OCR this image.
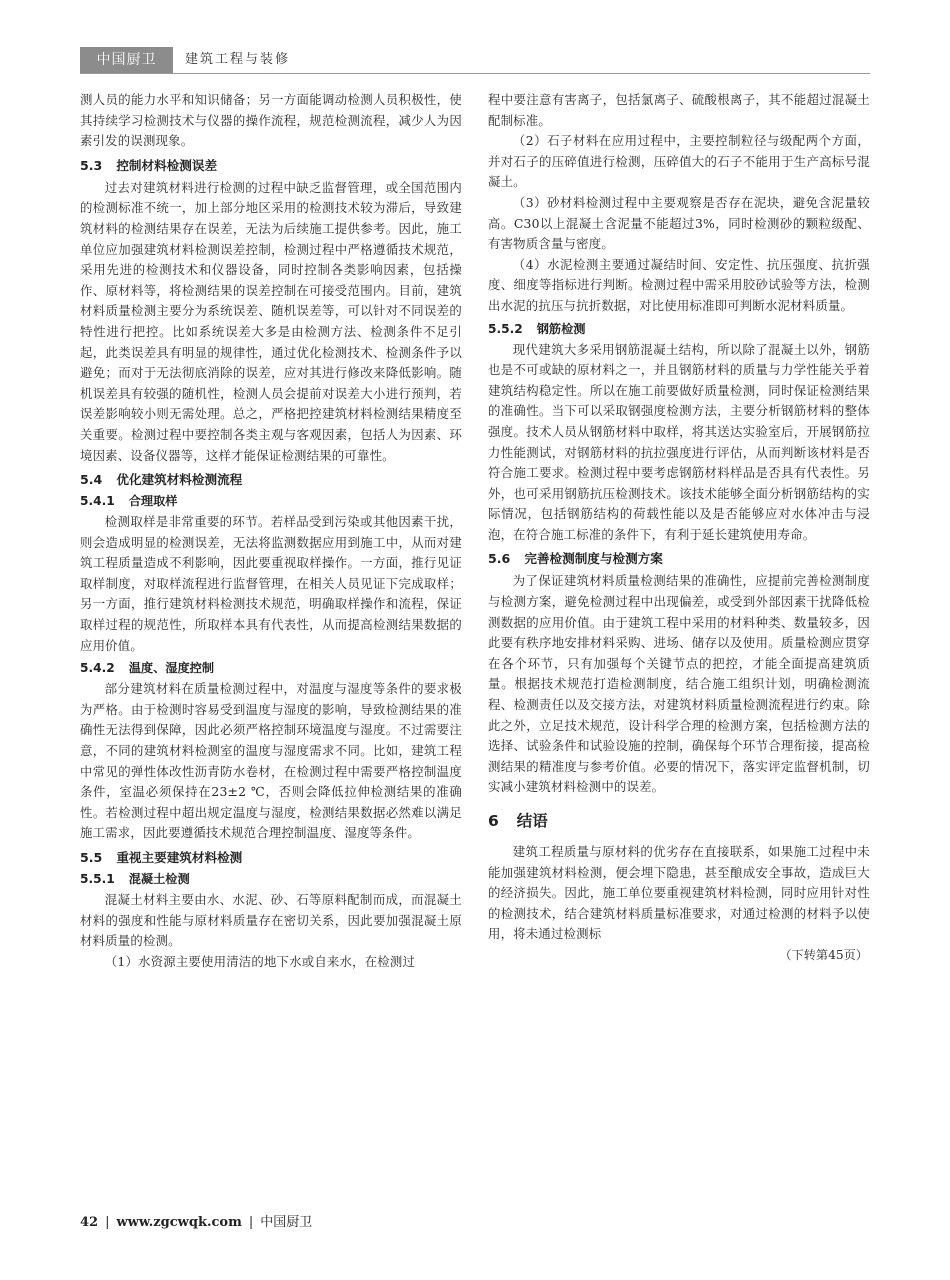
中国厨卫	建筑工程与装修

测人员的能力水平和知识储备；另一方面能调动检测人员积极性，使其持续学习检测技术与仪器的操作流程，规范检测流程，减少人为因素引发的误测现象。

5.3 控制材料检测误差

过去对建筑材料进行检测的过程中缺乏监督管理，或全国范围内的检测标准不统一，加上部分地区采用的检测技术较为滞后，导致建筑材料的检测结果存在误差，无法为后续施工提供参考。因此，施工单位应加强建筑材料检测误差控制，检测过程中严格遵循技术规范，采用先进的检测技术和仪器设备，同时控制各类影响因素，包括操作、原材料等，将检测结果的误差控制在可接受范围内。目前，建筑材料质量检测主要分为系统误差、随机误差等，可以针对不同误差的特性进行把控。比如系统误差大多是由检测方法、检测条件不足引起，此类误差具有明显的规律性，通过优化检测技术、检测条件予以避免；而对于无法彻底消除的误差，应对其进行修改来降低影响。随机误差具有较强的随机性，检测人员会提前对误差大小进行预判，若误差影响较小则无需处理。总之，严格把控建筑材料检测结果精度至关重要。检测过程中要控制各类主观与客观因素，包括人为因素、环境因素、设备仪器等，这样才能保证检测结果的可靠性。

5.4 优化建筑材料检测流程
5.4.1 合理取样

检测取样是非常重要的环节。若样品受到污染或其他因素干扰，则会造成明显的检测误差，无法将监测数据应用到施工中，从而对建筑工程质量造成不利影响，因此要重视取样操作。一方面，推行见证取样制度，对取样流程进行监督管理，在相关人员见证下完成取样；另一方面，推行建筑材料检测技术规范，明确取样操作和流程，保证取样过程的规范性，所取样本具有代表性，从而提高检测结果数据的应用价值。

5.4.2 温度、湿度控制

部分建筑材料在质量检测过程中，对温度与湿度等条件的要求极为严格。由于检测时容易受到温度与湿度的影响，导致检测结果的准确性无法得到保障，因此必须严格控制环境温度与湿度。不过需要注意，不同的建筑材料检测室的温度与湿度需求不同。比如，建筑工程中常见的弹性体改性沥青防水卷材，在检测过程中需要严格控制温度条件，室温必须保持在23±2 ℃，否则会降低拉伸检测结果的准确性。若检测过程中超出规定温度与湿度，检测结果数据必然难以满足施工需求，因此要遵循技术规范合理控制温度、湿度等条件。

5.5 重视主要建筑材料检测
5.5.1 混凝土检测

混凝土材料主要由水、水泥、砂、石等原料配制而成，而混凝土材料的强度和性能与原材料质量存在密切关系，因此要加强混凝土原材料质量的检测。

（1）水资源主要使用清洁的地下水或自来水，在检测过

程中要注意有害离子，包括氯离子、硫酸根离子，其不能超过混凝土配制标准。

（2）石子材料在应用过程中，主要控制粒径与级配两个方面，并对石子的压碎值进行检测，压碎值大的石子不能用于生产高标号混凝土。

（3）砂材料检测过程中主要观察是否存在泥块，避免含泥量较高。C30以上混凝土含泥量不能超过3%，同时检测砂的颗粒级配、有害物质含量与密度。

（4）水泥检测主要通过凝结时间、安定性、抗压强度、抗折强度、细度等指标进行判断。检测过程中需采用胶砂试验等方法，检测出水泥的抗压与抗折数据，对比使用标准即可判断水泥材料质量。

5.5.2 钢筋检测

现代建筑大多采用钢筋混凝土结构，所以除了混凝土以外，钢筋也是不可或缺的原材料之一，并且钢筋材料的质量与力学性能关乎着建筑结构稳定性。所以在施工前要做好质量检测，同时保证检测结果的准确性。当下可以采取钢强度检测方法，主要分析钢筋材料的整体强度。技术人员从钢筋材料中取样，将其送达实验室后，开展钢筋拉力性能测试，对钢筋材料的抗拉强度进行评估，从而判断该材料是否符合施工要求。检测过程中要考虑钢筋材料样品是否具有代表性。另外，也可采用钢筋抗压检测技术。该技术能够全面分析钢筋结构的实际情况，包括钢筋结构的荷载性能以及是否能够应对水体冲击与浸泡，在符合施工标准的条件下，有利于延长建筑使用寿命。

5.6 完善检测制度与检测方案

为了保证建筑材料质量检测结果的准确性，应提前完善检测制度与检测方案，避免检测过程中出现偏差，或受到外部因素干扰降低检测数据的应用价值。由于建筑工程中采用的材料种类、数量较多，因此要有秩序地安排材料采购、进场、储存以及使用。质量检测应贯穿在各个环节，只有加强每个关键节点的把控，才能全面提高建筑质量。根据技术规范打造检测制度，结合施工组织计划，明确检测流程、检测责任以及交接方法，对建筑材料质量检测流程进行约束。除此之外，立足技术规范，设计科学合理的检测方案，包括检测方法的选择、试验条件和试验设施的控制，确保每个环节合理衔接，提高检测结果的精准度与参考价值。必要的情况下，落实评定监督机制，切实减小建筑材料检测中的误差。

6 结语

建筑工程质量与原材料的优劣存在直接联系，如果施工过程中未能加强建筑材料检测，便会埋下隐患，甚至酿成安全事故，造成巨大的经济损失。因此，施工单位要重视建筑材料检测，同时应用针对性的检测技术，结合建筑材料质量标准要求，对通过检测的材料予以使用，将未通过检测标

（下转第45页）

42 | www.zgcwqk.com | 中国厨卫
